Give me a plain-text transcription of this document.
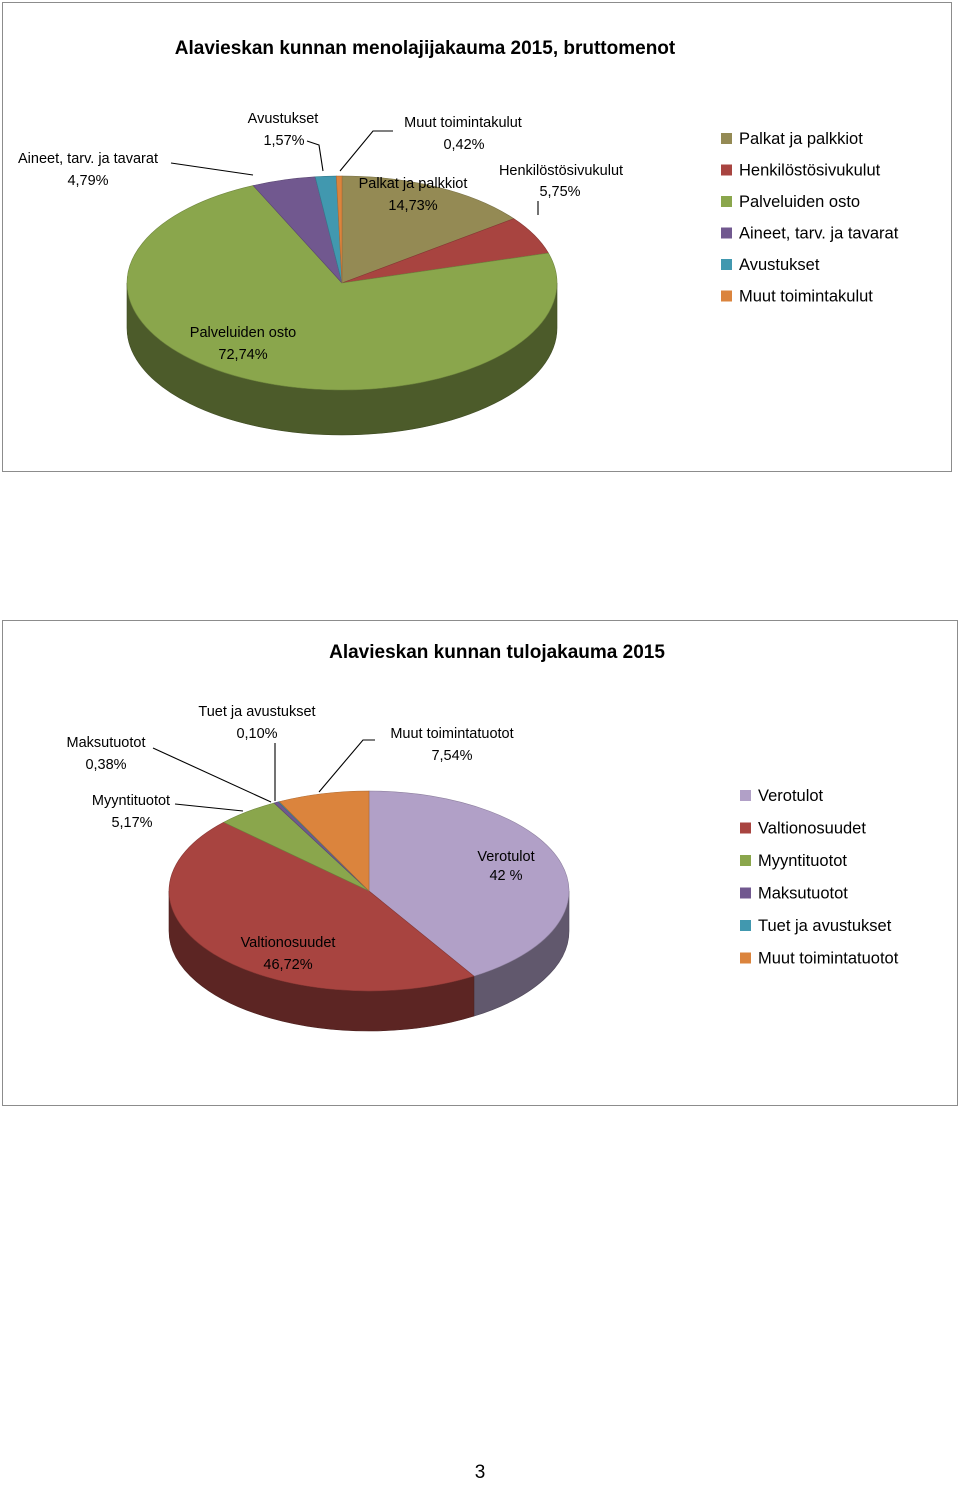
Alavieskan kunnan menolajijakauma 2015, bruttomenot
Palkat ja palkkiot
14,73%
Henkilöstösivukulut
5,75%
Palveluiden osto
72,74%
Aineet, tarv. ja tavarat
4,79%
Avustukset
1,57%
Muut toimintakulut
0,42%	Palkat ja palkkiot
Henkilöstösivukulut
Palveluiden osto
Aineet, tarv. ja tavarat
Avustukset
Muut toimintakulut
Alavieskan kunnan tulojakauma 2015
Verotulot
42 %
Valtionosuudet
46,72%
Myyntituotot
5,17%
Maksutuotot
0,38%
Tuet ja avustukset
0,10%	Muut toimintatuotot
7,54%
Verotulot
Valtionosuudet
Myyntituotot
Maksutuotot
Tuet ja avustukset
Muut toimintatuotot
3
